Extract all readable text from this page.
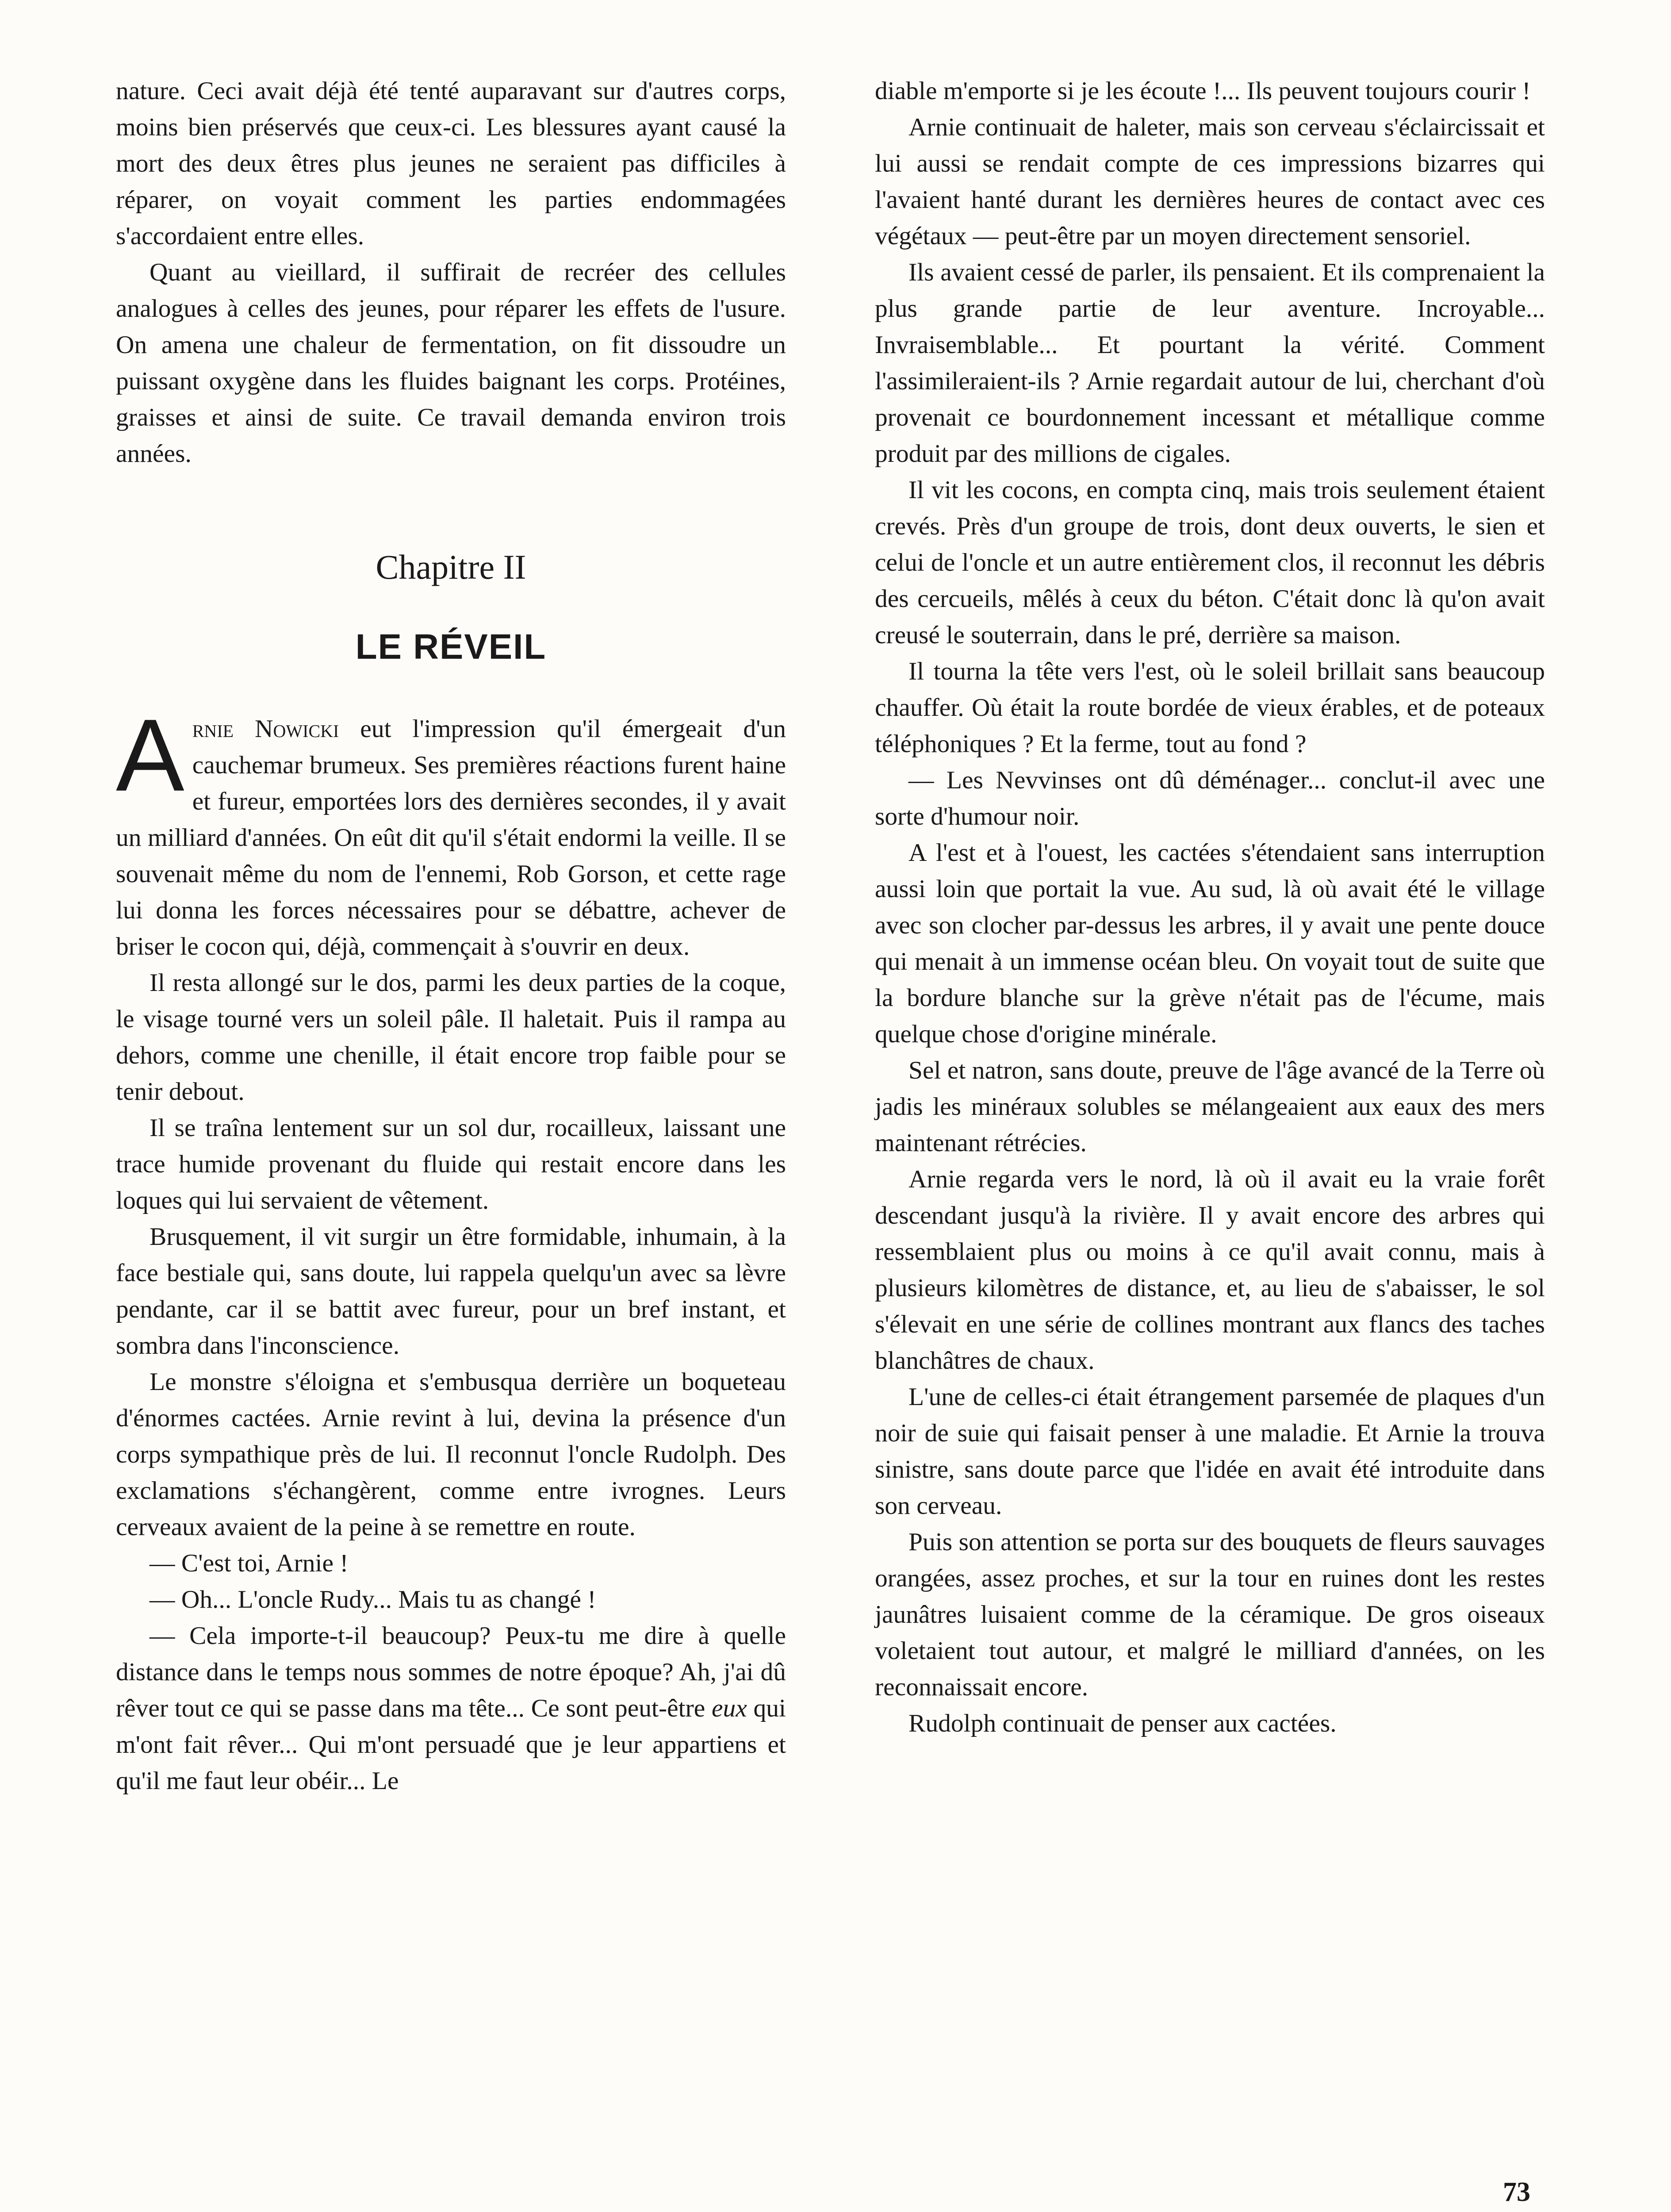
nature. Ceci avait déjà été tenté auparavant sur d'autres corps, moins bien préservés que ceux-ci. Les blessures ayant causé la mort des deux êtres plus jeunes ne seraient pas difficiles à réparer, on voyait comment les parties endommagées s'accordaient entre elles.

Quant au vieillard, il suffirait de recréer des cellules analogues à celles des jeunes, pour réparer les effets de l'usure. On amena une chaleur de fermentation, on fit dissoudre un puissant oxygène dans les fluides baignant les corps. Protéines, graisses et ainsi de suite. Ce travail demanda environ trois années.

Chapitre II
LE RÉVEIL

Arnie Nowicki eut l'impression qu'il émergeait d'un cauchemar brumeux. Ses premières réactions furent haine et fureur, emportées lors des dernières secondes, il y avait un milliard d'années. On eût dit qu'il s'était endormi la veille. Il se souvenait même du nom de l'ennemi, Rob Gorson, et cette rage lui donna les forces nécessaires pour se débattre, achever de briser le cocon qui, déjà, commençait à s'ouvrir en deux.

Il resta allongé sur le dos, parmi les deux parties de la coque, le visage tourné vers un soleil pâle. Il haletait. Puis il rampa au dehors, comme une chenille, il était encore trop faible pour se tenir debout.

Il se traîna lentement sur un sol dur, rocailleux, laissant une trace humide provenant du fluide qui restait encore dans les loques qui lui servaient de vêtement.

Brusquement, il vit surgir un être formidable, inhumain, à la face bestiale qui, sans doute, lui rappela quelqu'un avec sa lèvre pendante, car il se battit avec fureur, pour un bref instant, et sombra dans l'inconscience.

Le monstre s'éloigna et s'embusqua derrière un boqueteau d'énormes cactées. Arnie revint à lui, devina la présence d'un corps sympathique près de lui. Il reconnut l'oncle Rudolph. Des exclamations s'échangèrent, comme entre ivrognes. Leurs cerveaux avaient de la peine à se remettre en route.

— C'est toi, Arnie !

— Oh... L'oncle Rudy... Mais tu as changé !

— Cela importe-t-il beaucoup? Peux-tu me dire à quelle distance dans le temps nous sommes de notre époque? Ah, j'ai dû rêver tout ce qui se passe dans ma tête... Ce sont peut-être eux qui m'ont fait rêver... Qui m'ont persuadé que je leur appartiens et qu'il me faut leur obéir... Le

diable m'emporte si je les écoute !... Ils peuvent toujours courir !

Arnie continuait de haleter, mais son cerveau s'éclaircissait et lui aussi se rendait compte de ces impressions bizarres qui l'avaient hanté durant les dernières heures de contact avec ces végétaux — peut-être par un moyen directement sensoriel.

Ils avaient cessé de parler, ils pensaient. Et ils comprenaient la plus grande partie de leur aventure. Incroyable... Invraisemblable... Et pourtant la vérité. Comment l'assimileraient-ils ? Arnie regardait autour de lui, cherchant d'où provenait ce bourdonnement incessant et métallique comme produit par des millions de cigales.

Il vit les cocons, en compta cinq, mais trois seulement étaient crevés. Près d'un groupe de trois, dont deux ouverts, le sien et celui de l'oncle et un autre entièrement clos, il reconnut les débris des cercueils, mêlés à ceux du béton. C'était donc là qu'on avait creusé le souterrain, dans le pré, derrière sa maison.

Il tourna la tête vers l'est, où le soleil brillait sans beaucoup chauffer. Où était la route bordée de vieux érables, et de poteaux téléphoniques ? Et la ferme, tout au fond ?

— Les Nevvinses ont dû déménager... conclut-il avec une sorte d'humour noir.

A l'est et à l'ouest, les cactées s'étendaient sans interruption aussi loin que portait la vue. Au sud, là où avait été le village avec son clocher par-dessus les arbres, il y avait une pente douce qui menait à un immense océan bleu. On voyait tout de suite que la bordure blanche sur la grève n'était pas de l'écume, mais quelque chose d'origine minérale.

Sel et natron, sans doute, preuve de l'âge avancé de la Terre où jadis les minéraux solubles se mélangeaient aux eaux des mers maintenant rétrécies.

Arnie regarda vers le nord, là où il avait eu la vraie forêt descendant jusqu'à la rivière. Il y avait encore des arbres qui ressemblaient plus ou moins à ce qu'il avait connu, mais à plusieurs kilomètres de distance, et, au lieu de s'abaisser, le sol s'élevait en une série de collines montrant aux flancs des taches blanchâtres de chaux.

L'une de celles-ci était étrangement parsemée de plaques d'un noir de suie qui faisait penser à une maladie. Et Arnie la trouva sinistre, sans doute parce que l'idée en avait été introduite dans son cerveau.

Puis son attention se porta sur des bouquets de fleurs sauvages orangées, assez proches, et sur la tour en ruines dont les restes jaunâtres luisaient comme de la céramique. De gros oiseaux voletaient tout autour, et malgré le milliard d'années, on les reconnaissait encore.

Rudolph continuait de penser aux cactées.

73
